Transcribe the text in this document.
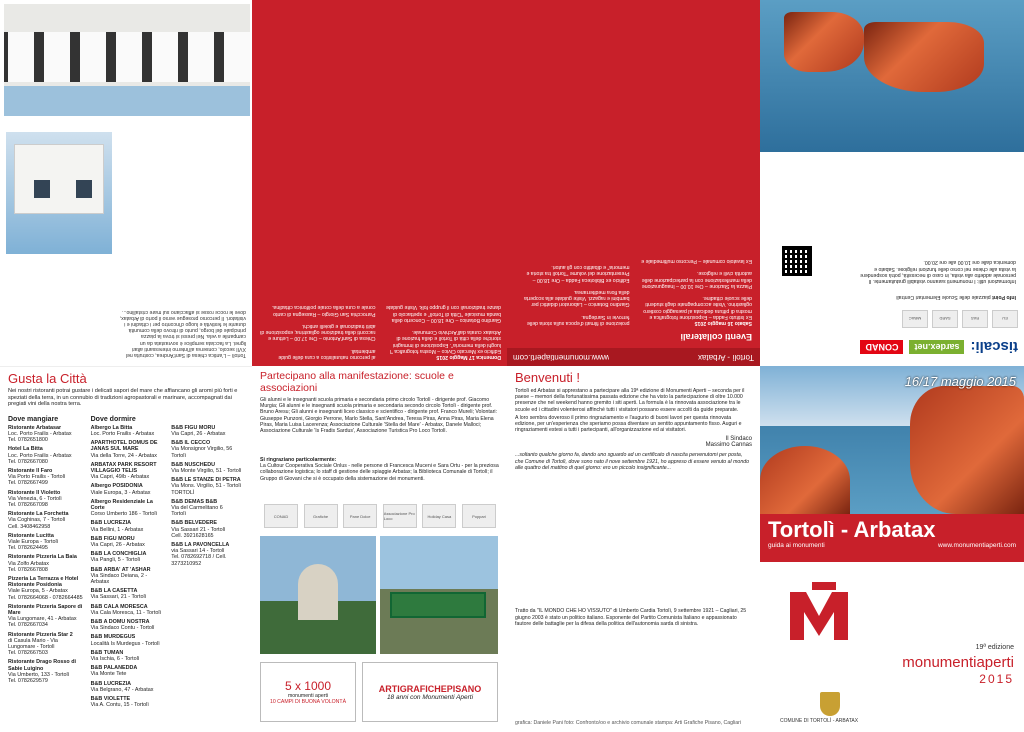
Tortolì – L'antica chiesa di Sant'Andrea, costruita nel XVII secolo, conserva all'interno interessanti altari lignei. La facciata semplice è sovrastata da un campanile a vela. Nei pressi si trova la piazza principale del borgo, punto di ritrovo della comunità durante le festività e luogo d'incontro per i cittadini e i visitatori. Il percorso prosegue verso il porto di Arbatax, dove le rocce rosse si affacciano sul mare cristallino...
Domenica 17 Maggio 2015
Edificio ex Mercato Civico – Mostra fotografica "I luoghi della memoria". Esposizione di immagini storiche della città di Tortolì e della frazione di Arbatax curata dall'Archivio Comunale.

Giardino Botanico – Ore 18.00 – Concerto della banda musicale "Città di Tortolì" e spettacolo di danze tradizionali con il gruppo folk. Visite guidate al percorso naturalistico a cura delle guide ambientali.

Chiesa di Sant'Antonio – Ore 17.00 – Letture e racconti della tradizione ogliastrina; esposizione di abiti tradizionali e gioielli antichi.

Parrocchia San Giorgio – Rassegna di canto corale a cura della corale polifonica cittadina.
Tortolì - Arbatax
www.monumentiaperti.com
Eventi collaterali
Sabato 16 maggio 2015
Ex Istituto Fadda – Esposizione fotografica e mostra di pittura dedicata al paesaggio costiero ogliastrino. Visite accompagnate dagli studenti delle scuole cittadine.

Piazza la Stazione – Ore 10.00 – Inaugurazione della manifestazione con la partecipazione delle autorità civili e religiose.

Ex lavatoio comunale – Percorso multimediale e proiezione di filmati d'epoca sulla storia delle ferrovie in Sardegna.

Giardino Botanico – Laboratori didattici per bambini e ragazzi. Visite guidate alla scoperta della flora mediterranea.

Edificio ex Biblioteca Fadda – Ore 18.00 – Presentazione del volume "Tortolì tra storia e memoria" e dibattito con gli autori.
tiscali:
sardex.net
CONAD
EU
RAS
SARD
MiBAC
Info Point piazzale delle Scuole Elementari Centrali
Informazioni utili: I monumenti saranno visitabili gratuitamente. Il personale addetto alla visita, in caso di necessità, potrà sospendere la visita alle chiese nel corso delle funzioni religiose. Sabato e domenica dalle ore 10.00 alle ore 20.00.
Gusta la Città
Nei nostri ristoranti potrai gustare i delicati sapori del mare che affiancano gli aromi più forti e speziati della terra, in un connubio di tradizioni agropastorali e marinare, accompagnati dai pregiati vini della nostra terra.
Dove mangiare
Ristorante Arbatasar
Loc. Porto Frailis - Arbatax
Tel. 0782651800
Hotel La Bitta
Loc. Porto Frailis - Arbatax
Tel. 0782667080
Ristorante Il Faro
Via Porto Frailis - Tortolì
Tel. 0782667499
Ristorante Il Violetto
Via Venezia, 6 - Tortolì
Tel. 0782667098
Ristorante La Forchetta
Via Coghinas, 7 - Tortolì
Cell. 3408462958
Ristorante Lucitta
Viale Europa - Tortolì
Tel. 0782624495
Ristorante Pizzeria La Baia
Via Zolfo Arbatax
Tel. 0782667808
Pizzeria La Terrazza e Hotel Ristorante Posidonia
Viale Europa, 5 - Arbatax
Tel. 0782664068 - 0782664485
Ristorante Pizzeria Sapore di Mare
Via Lungomare, 41 - Arbatax
Tel. 0782667034
Ristorante Pizzeria Star 2
di Casula Mario - Via Lungomare - Tortolì
Tel. 0782667503
Ristorante Drago Rosso di Sabie Luigino
Via Umberto, 133 - Tortolì
Tel. 0782629579
Dove dormire
Albergo La Bitta
Loc. Porto Frailis - Arbatax
APARTHOTEL DOMUS DE JANAS SUL MARE
Via della Torre, 24 - Arbatax
ARBATAX PARK RESORT VILLAGGIO TELIS
Via Capri, 49/b - Arbatax
Albergo POSIDONIA
Viale Europa, 3 - Arbatax
Albergo Residenziale La Corte
Corso Umberto 186 - Tortolì
B&B LUCREZIA
Via Bellini, 1 - Arbatax
B&B FIGU MORU
Via Capri, 26 - Arbatax
B&B LA CONCHIGLIA
Via Pangli, 5 - Tortolì
B&B ARBA' AT 'ASHAR
Via Sindaco Deiana, 2 - Arbatax
B&B LA CASETTA
Via Sassari, 21 - Tortolì
B&B CALA MORESCA
Via Cala Moresca, 11 - Tortolì
B&B A DOMU NOSTRA
Via Sindaco Contu - Tortolì
B&B MURDEGUS
Località Is Murdegus - Tortolì
B&B TUMAN
Via Ischia, 6 - Tortolì
B&B PALANEDDA
Via Monte Tete
B&B LUCREZIA
Via Belgrano, 47 - Arbatax
B&B VIOLETTE
Via A. Contu, 15 - Tortolì
B&B FIGU MORU
Via Capri, 26 - Arbatax
B&B IL CECCO
Via Monsignor Virgilio, 56
Tortolì
B&B NUSCHEDU
Via Monte Virgilio, 51 - Tortolì
B&B LE STANZE DI PETRA
Via Mons. Virgilio, 51 - Tortolì
TORTOLÌ
B&B DEMAS B&B
Via del Carmelitano 6
Tortolì
B&B BELVEDERE
Via Sassari 21 - Tortolì
Cell. 3921628165
B&B LA PAVONCELLA
via Sassari 14 - Tortolì
Tel. 0782692718 / Cell. 3273210952
Partecipano alla manifestazione: scuole e associazioni
Gli alunni e le insegnanti scuola primaria e secondaria primo circolo Tortolì - dirigente prof. Giacomo Murgia; Gli alunni e le insegnanti scuola primaria e secondaria secondo circolo Tortolì - dirigente prof. Bruno Aresu; Gli alunni e insegnanti liceo classico e scientifico - dirigente prof. Franco Mureli; Volontari: Giuseppe Punzoni, Giorgio Perrone, Marlo Stella, Sant'Andrea, Teresa Piras, Anna Piras, Maria Elena Piras, Maria Luisa Lacerenza; Associazione Culturale 'Stella del Mare' - Arbatax, Danele Malloci; Associazione Culturale 'Is Fradis Sardus', Associazione Turistica Pro Loco Tortolì.
Si ringraziano particolarmente:
La Cultour Cooperativa Sociale Onlus - nelle persone di Francesca Muceni e Sara Ortu - per la preziosa collaborazione logistica; lo staff di gestione delle spiaggie Arbatax; la Biblioteca Comunale di Tortolì; il Gruppo di Giovani che si è occupato della sistemazione dei monumenti.
CONAD	Grafiche	Pane Dolce	Associazione Pro Loco	Holiday Casa	Poppari
5 x 1000
monumenti aperti
10 CAMPI DI BUONA VOLONTÀ
ARTIGRAFICHEPISANO
18 anni con Monumenti Aperti
Benvenuti !
Tortolì ed Arbatax si apprestano a partecipare alla 19ª edizione di Monumenti Aperti – seconda per il paese – memori della fortunatissima passata edizione che ha visto la partecipazione di oltre 10.000 presenze che nel weekend hanno gremito i siti aperti. La formula è la rinnovata associazione tra le scuole ed i cittadini volenterosi affinché tutti i visitatori possano essere accolti da guide preparate.
A loro sembra doveroso il primo ringraziamento e l'augurio di buoni lavori per questa rinnovata edizione, per un'esperienza che speriamo possa diventare un sentito appuntamento fisso. Auguri e ringraziamenti estesi a tutti i partecipanti, all'organizzazione ed ai visitatori.
Il Sindaco
Massimo Cannas
...soltanto qualche giorno fa, dando uno sguardo ad un certificato di nascita pervenutomi per posta, che Comune di Tortolì, dove sono nato il nove settembre 1921, ho appreso di essere venuto al mondo alle quattro del mattino di quel giorno: ero un piccolo insignificante...
Tratto da "IL MONDO CHE HO VISSUTO" di Umberto Cardia Tortolì, 9 settembre 1921 – Cagliari, 25 giugno 2003 è stato un politico italiano. Esponente del Partito Comunista Italiano e appassionato fautore delle battaglie per la difesa della politica dell'autonomia sarda di sinistra.
grafica: Daniele Pani foto: Confronto/oo e archivio comunale stampa: Arti Grafiche Pisano, Cagliari
16/17 maggio 2015
Tortolì - Arbatax
guida ai monumenti	www.monumentiaperti.com
19ª edizione
monumentiaperti
2015
COMUNE DI TORTOLÌ - ARBATAX
